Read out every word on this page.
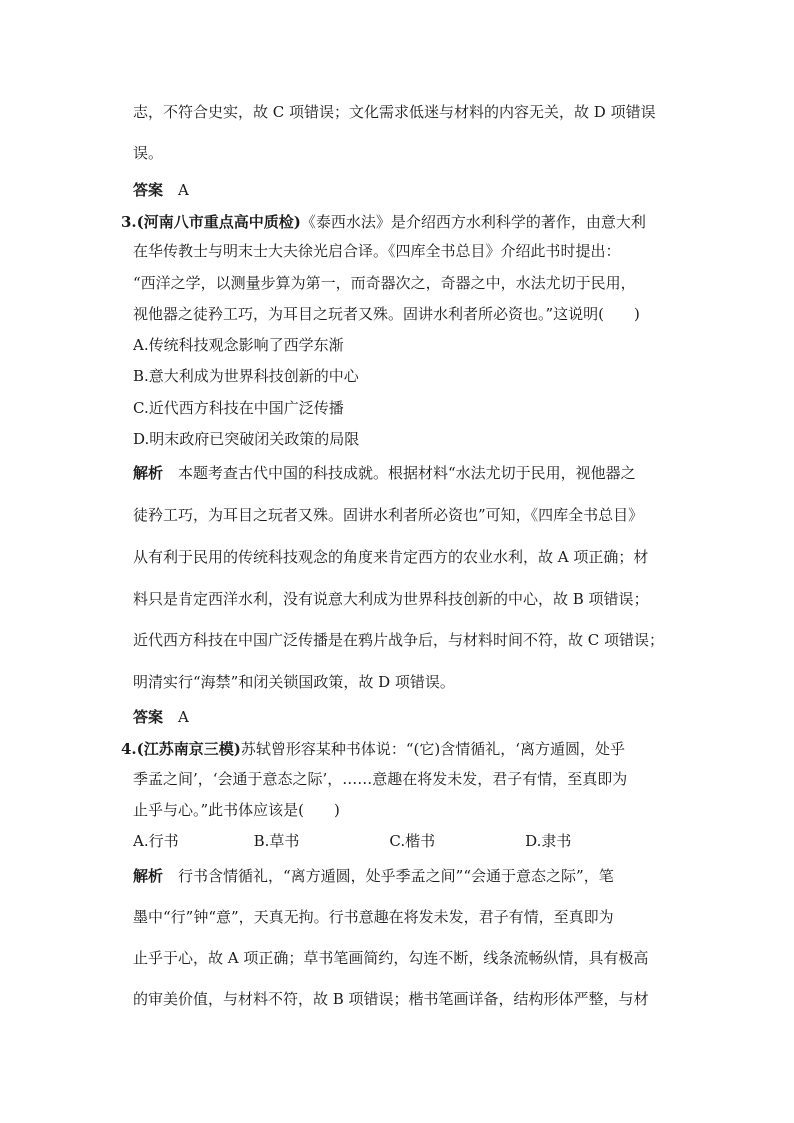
志，不符合史实，故 C 项错误；文化需求低迷与材料的内容无关，故 D 项错误
误。
答案　A
3.(河南八市重点高中质检)《泰西水法》是介绍西方水利科学的著作，由意大利
在华传教士与明末士大夫徐光启合译。《四库全书总目》介绍此书时提出：
“西洋之学，以测量步算为第一，而奇器次之，奇器之中，水法尤切于民用，
视他器之徒矜工巧，为耳目之玩者又殊。固讲水利者所必资也。”这说明(　　)
A.传统科技观念影响了西学东渐
B.意大利成为世界科技创新的中心
C.近代西方科技在中国广泛传播
D.明末政府已突破闭关政策的局限
解析　本题考查古代中国的科技成就。根据材料“水法尤切于民用，视他器之
徒矜工巧，为耳目之玩者又殊。固讲水利者所必资也”可知，《四库全书总目》
从有利于民用的传统科技观念的角度来肯定西方的农业水利，故 A 项正确；材
料只是肯定西洋水利，没有说意大利成为世界科技创新的中心，故 B 项错误；
近代西方科技在中国广泛传播是在鸦片战争后，与材料时间不符，故 C 项错误；
明清实行“海禁”和闭关锁国政策，故 D 项错误。
答案　A
4.(江苏南京三模)苏轼曾形容某种书体说：“(它)含情循礼，‘离方遁圆，处乎
季孟之间’，‘会通于意态之际’，……意趣在将发未发，君子有情，至真即为
止乎与心。”此书体应该是(　　)
A.行书　　　　　B.草书　　　　　　C.楷书　　　　　　D.隶书
解析　行书含情循礼，“离方遁圆，处乎季孟之间”“会通于意态之际”，笔
墨中“行”钟“意”，天真无拘。行书意趣在将发未发，君子有情，至真即为
止乎于心，故 A 项正确；草书笔画简约，勾连不断，线条流畅纵情，具有极高
的审美价值，与材料不符，故 B 项错误；楷书笔画详备，结构形体严整，与材
